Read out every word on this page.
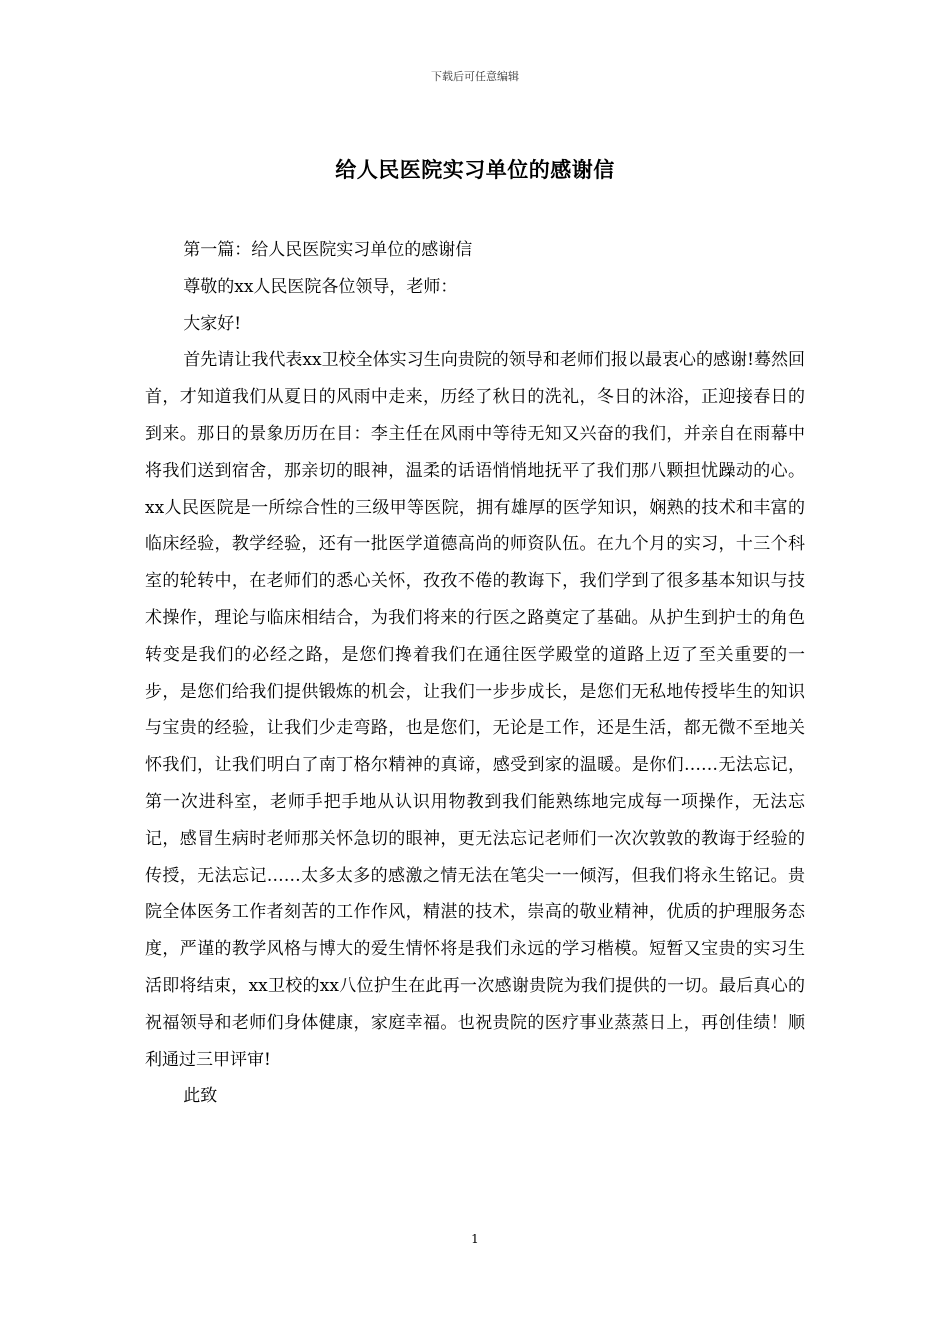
下载后可任意编辑
给人民医院实习单位的感谢信

第一篇：给人民医院实习单位的感谢信

尊敬的xx人民医院各位领导，老师：

大家好!

首先请让我代表xx卫校全体实习生向贵院的领导和老师们报以最衷心的感谢!蓦然回首，才知道我们从夏日的风雨中走来，历经了秋日的洗礼，冬日的沐浴，正迎接春日的到来。那日的景象历历在目：李主任在风雨中等待无知又兴奋的我们，并亲自在雨幕中将我们送到宿舍，那亲切的眼神，温柔的话语悄悄地抚平了我们那八颗担忧躁动的心。xx人民医院是一所综合性的三级甲等医院，拥有雄厚的医学知识，娴熟的技术和丰富的临床经验，教学经验，还有一批医学道德高尚的师资队伍。在九个月的实习，十三个科室的轮转中，在老师们的悉心关怀，孜孜不倦的教诲下，我们学到了很多基本知识与技术操作，理论与临床相结合，为我们将来的行医之路奠定了基础。从护生到护士的角色转变是我们的必经之路，是您们搀着我们在通往医学殿堂的道路上迈了至关重要的一步，是您们给我们提供锻炼的机会，让我们一步步成长，是您们无私地传授毕生的知识与宝贵的经验，让我们少走弯路，也是您们，无论是工作，还是生活，都无微不至地关怀我们，让我们明白了南丁格尔精神的真谛，感受到家的温暖。是你们……无法忘记，第一次进科室，老师手把手地从认识用物教到我们能熟练地完成每一项操作，无法忘记，感冒生病时老师那关怀急切的眼神，更无法忘记老师们一次次敦敦的教诲于经验的传授，无法忘记……太多太多的感激之情无法在笔尖一一倾泻，但我们将永生铭记。贵院全体医务工作者刻苦的工作作风，精湛的技术，崇高的敬业精神，优质的护理服务态度，严谨的教学风格与博大的爱生情怀将是我们永远的学习楷模。短暂又宝贵的实习生活即将结束，xx卫校的xx八位护生在此再一次感谢贵院为我们提供的一切。最后真心的祝福领导和老师们身体健康，家庭幸福。也祝贵院的医疗事业蒸蒸日上，再创佳绩！顺利通过三甲评审!

此致

1
